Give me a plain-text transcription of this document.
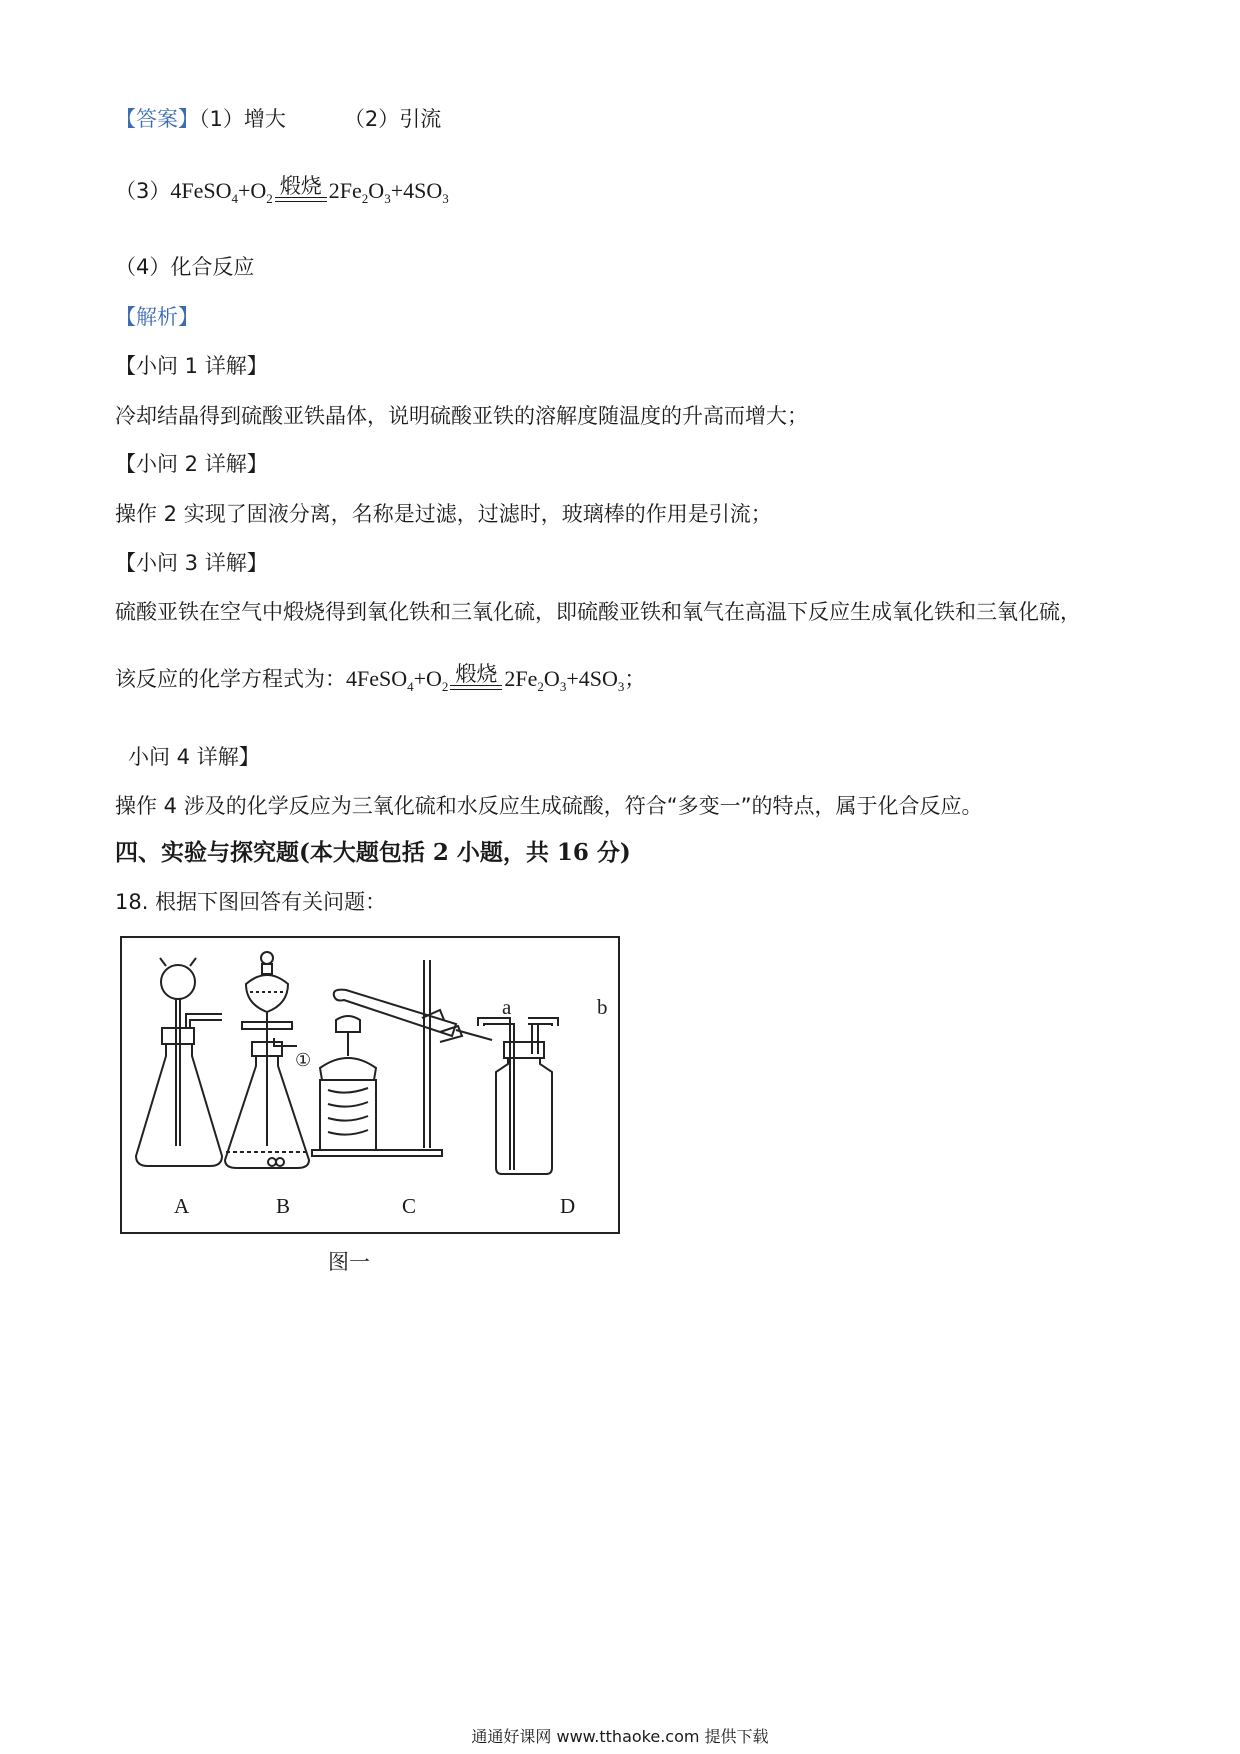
【答案】（1）增大	（2）引流
（3） 4FeSO$_4$ $+O_2$
煅烧 $2Fe_2$ $O_3 +4SO_3$
（4）化合反应
【解析】
【小问 1 详解】
冷却结晶得到硫酸亚铁晶体，说明硫酸亚铁的溶解度随温度的升高而增大；
【小问 2 详解】
操作 2 实现了固液分离，名称是过滤，过滤时，玻璃棒的作用是引流；
【小问 3 详解】
硫酸亚铁在空气中煅烧得到氧化铁和三氧化硫，即硫酸亚铁和氧气在高温下反应生成氧化铁和三氧化硫，
该反应的化学方程式为： 4FeSO$_4$ $+O_2$
煅烧 $2Fe_2$ $O_3 +4SO_3$ ；
小问 4 详解】
操作 4 涉及的化学反应为三氧化硫和水反应生成硫酸，符合“多变一”的特点，属于化合反应。
四、实验与探究题(本大题包括 2 小题，共 16 分)
18. 根据下图回答有关问题：
①
a	b
A	B	C	D
图一
通通好课网 www.tthaoke.com 提供下载
